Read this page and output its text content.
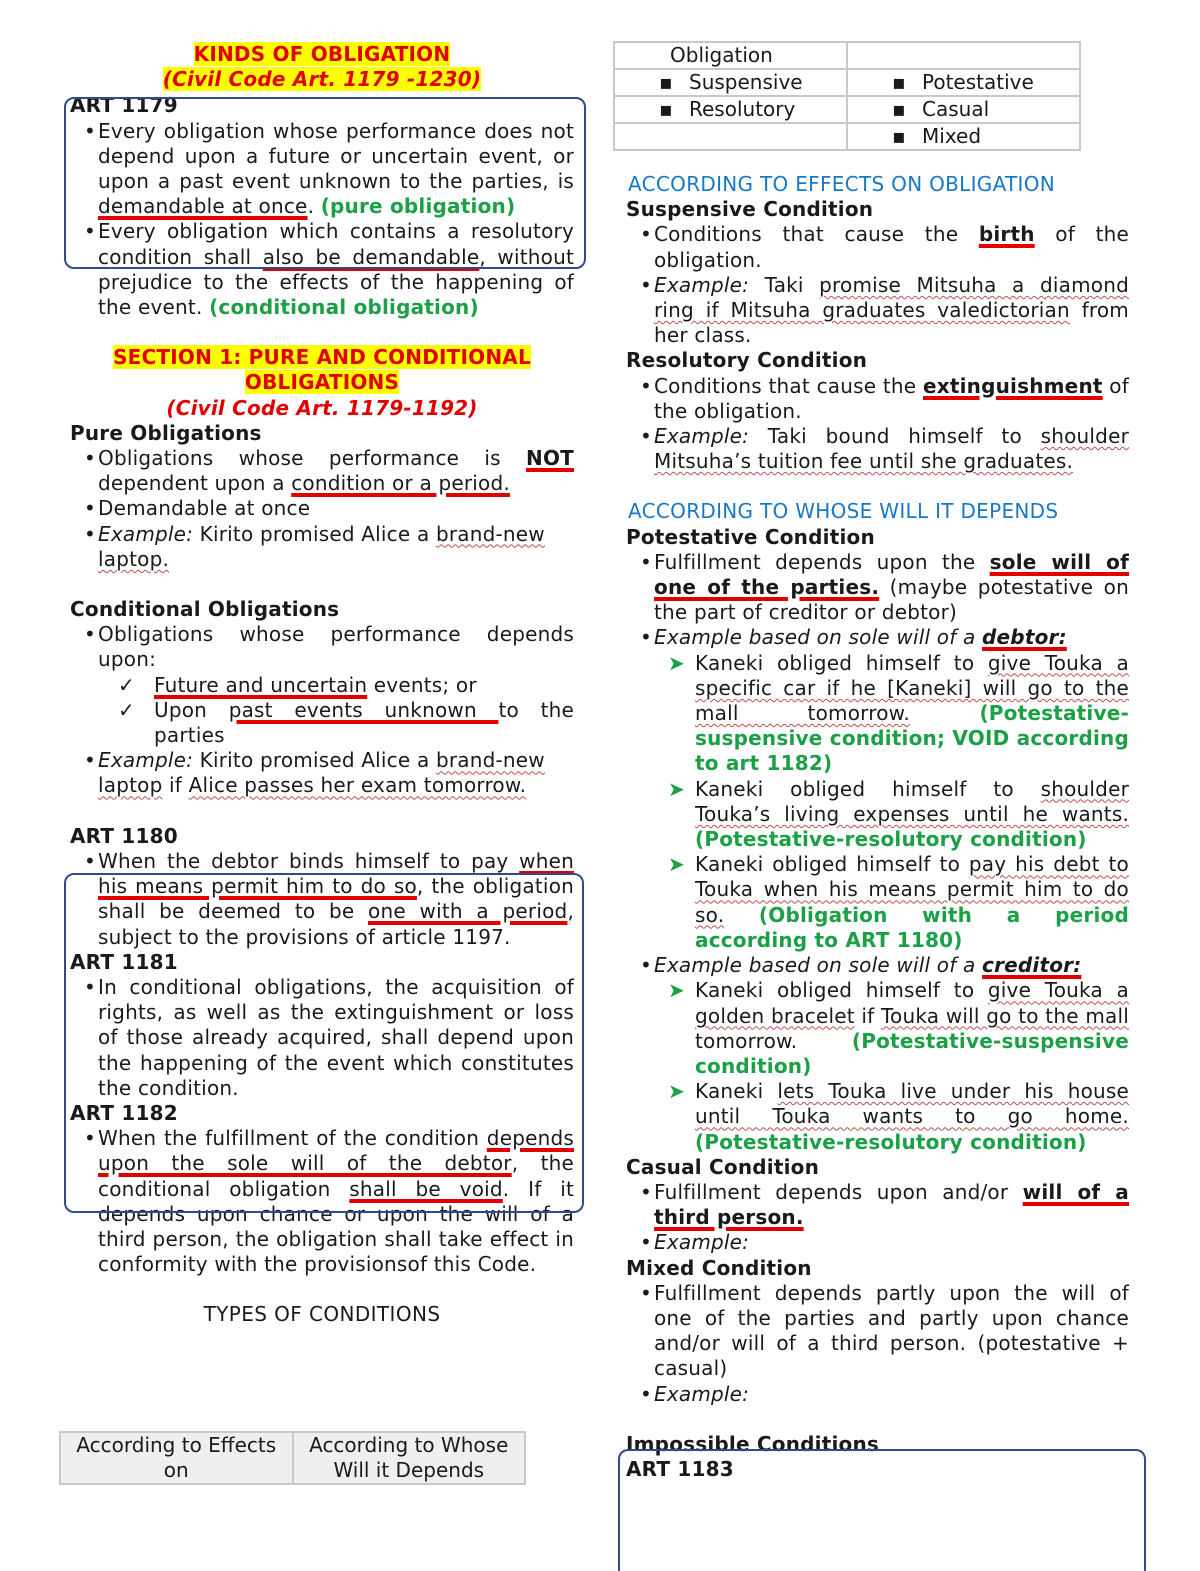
KINDS OF OBLIGATION

(Civil Code Art. 1179 -1230)

ART 1179

• Every obligation whose performance does not depend upon a future or uncertain event, or upon a past event unknown to the parties, is demandable at once. (pure obligation)
• Every obligation which contains a resolutory condition shall also be demandable, without prejudice to the effects of the happening of the event. (conditional obligation)

SECTION 1: PURE AND CONDITIONAL

OBLIGATIONS

(Civil Code Art. 1179-1192)

Pure Obligations

• Obligations whose performance is NOT dependent upon a condition or a period.
• Demandable at once
• Example: Kirito promised Alice a brand-new laptop.

Conditional Obligations

• Obligations whose performance depends upon:
✓ Future and uncertain events; or
✓ Upon past events unknown to the parties
• Example: Kirito promised Alice a brand-new laptop if Alice passes her exam tomorrow.

ART 1180

• When the debtor binds himself to pay when his means permit him to do so, the obligation shall be deemed to be one with a period, subject to the provisions of article 1197.

ART 1181

• In conditional obligations, the acquisition of rights, as well as the extinguishment or loss of those already acquired, shall depend upon the happening of the event which constitutes the condition.

ART 1182

• When the fulfillment of the condition depends upon the sole will of the debtor, the conditional obligation shall be void. If it depends upon chance or upon the will of a third person, the obligation shall take effect in conformity with the provisionsof this Code.

TYPES OF CONDITIONS

According to Effects on	According to Whose Will it Depends
Obligation	
▪ Suspensive	▪ Potestative
▪ Resolutory	▪ Casual
	▪ Mixed

ACCORDING TO EFFECTS ON OBLIGATION

Suspensive Condition

• Conditions that cause the birth of the obligation.
• Example: Taki promise Mitsuha a diamond ring if Mitsuha graduates valedictorian from her class.

Resolutory Condition

• Conditions that cause the extinguishment of the obligation.
• Example: Taki bound himself to shoulder Mitsuha’s tuition fee until she graduates.

ACCORDING TO WHOSE WILL IT DEPENDS

Potestative Condition

• Fulfillment depends upon the sole will of one of the parties. (maybe potestative on the part of creditor or debtor)
• Example based on sole will of a debtor:
➤ Kaneki obliged himself to give Touka a specific car if he [Kaneki] will go to the mall tomorrow. (Potestative-suspensive condition; VOID according to art 1182)
➤ Kaneki obliged himself to shoulder Touka’s living expenses until he wants. (Potestative-resolutory condition)
➤ Kaneki obliged himself to pay his debt to Touka when his means permit him to do so. (Obligation with a period according to ART 1180)
• Example based on sole will of a creditor:
➤ Kaneki obliged himself to give Touka a golden bracelet if Touka will go to the mall tomorrow. (Potestative-suspensive condition)
➤ Kaneki lets Touka live under his house until Touka wants to go home. (Potestative-resolutory condition)

Casual Condition

• Fulfillment depends upon and/or will of a third person.
• Example:

Mixed Condition

• Fulfillment depends partly upon the will of one of the parties and partly upon chance and/or will of a third person. (potestative + casual)
• Example:

Impossible Conditions

ART 1183
